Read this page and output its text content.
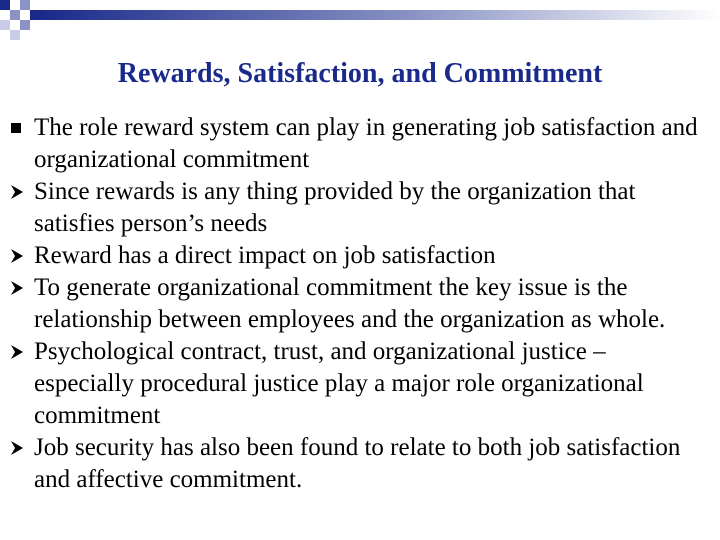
Rewards, Satisfaction, and Commitment
The role reward system can play in generating job satisfaction and organizational commitment
Since rewards is any thing provided by the organization that satisfies person’s needs
Reward has a direct impact on job satisfaction
To generate organizational commitment the key issue is the relationship between employees and the organization as whole.
Psychological contract, trust, and organizational justice – especially procedural justice play a major role organizational commitment
Job security has also been found to relate to both job satisfaction and affective commitment.
